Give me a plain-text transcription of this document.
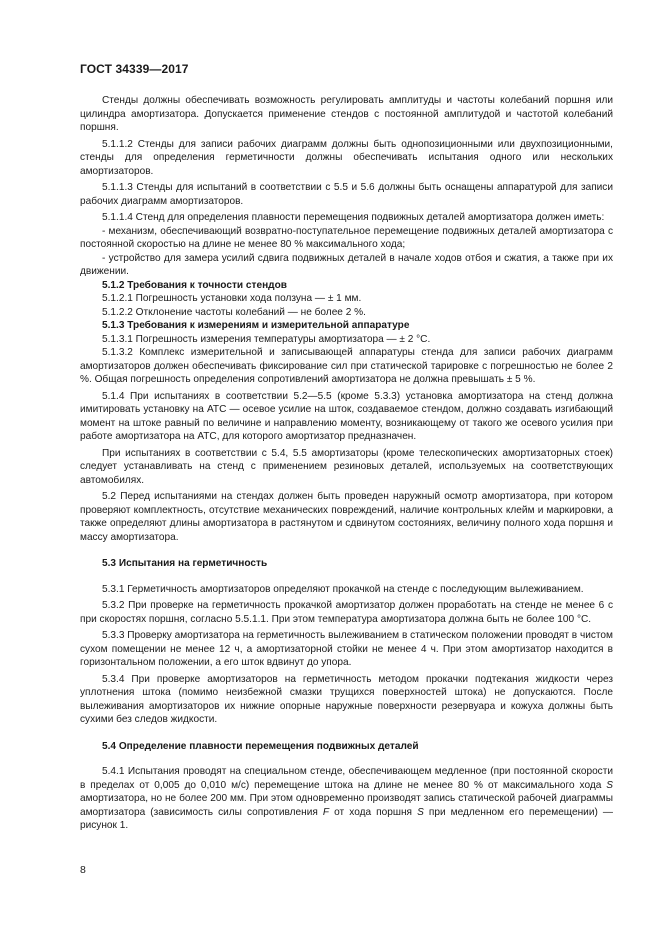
ГОСТ 34339—2017

Стенды должны обеспечивать возможность регулировать амплитуды и частоты колебаний поршня или цилиндра амортизатора. Допускается применение стендов с постоянной амплитудой и частотой колебаний поршня.

5.1.1.2 Стенды для записи рабочих диаграмм должны быть однопозиционными или двухпозиционными, стенды для определения герметичности должны обеспечивать испытания одного или нескольких амортизаторов.

5.1.1.3 Стенды для испытаний в соответствии с 5.5 и 5.6 должны быть оснащены аппаратурой для записи рабочих диаграмм амортизаторов.

5.1.1.4 Стенд для определения плавности перемещения подвижных деталей амортизатора должен иметь:

- механизм, обеспечивающий возвратно-поступательное перемещение подвижных деталей амортизатора с постоянной скоростью на длине не менее 80 % максимального хода;

- устройство для замера усилий сдвига подвижных деталей в начале ходов отбоя и сжатия, а также при их движении.

5.1.2 Требования к точности стендов

5.1.2.1 Погрешность установки хода ползуна — ± 1 мм.

5.1.2.2 Отклонение частоты колебаний — не более 2 %.

5.1.3 Требования к измерениям и измерительной аппаратуре

5.1.3.1 Погрешность измерения температуры амортизатора — ± 2 °C.

5.1.3.2 Комплекс измерительной и записывающей аппаратуры стенда для записи рабочих диаграмм амортизаторов должен обеспечивать фиксирование сил при статической тарировке с погрешностью не более 2 %. Общая погрешность определения сопротивлений амортизатора не должна превышать ± 5 %.

5.1.4 При испытаниях в соответствии 5.2—5.5 (кроме 5.3.3) установка амортизатора на стенд должна имитировать установку на АТС — осевое усилие на шток, создаваемое стендом, должно создавать изгибающий момент на штоке равный по величине и направлению моменту, возникающему от такого же осевого усилия при работе амортизатора на АТС, для которого амортизатор предназначен.

При испытаниях в соответствии с 5.4, 5.5 амортизаторы (кроме телескопических амортизаторных стоек) следует устанавливать на стенд с применением резиновых деталей, используемых на соответствующих автомобилях.

5.2 Перед испытаниями на стендах должен быть проведен наружный осмотр амортизатора, при котором проверяют комплектность, отсутствие механических повреждений, наличие контрольных клейм и маркировки, а также определяют длины амортизатора в растянутом и сдвинутом состояниях, величину полного хода поршня и массу амортизатора.

5.3 Испытания на герметичность

5.3.1 Герметичность амортизаторов определяют прокачкой на стенде с последующим вылеживанием.

5.3.2 При проверке на герметичность прокачкой амортизатор должен проработать на стенде не менее 6 с при скоростях поршня, согласно 5.5.1.1. При этом температура амортизатора должна быть не более 100 °C.

5.3.3 Проверку амортизатора на герметичность вылеживанием в статическом положении проводят в чистом сухом помещении не менее 12 ч, а амортизаторной стойки не менее 4 ч. При этом амортизатор находится в горизонтальном положении, а его шток вдвинут до упора.

5.3.4 При проверке амортизаторов на герметичность методом прокачки подтекания жидкости через уплотнения штока (помимо неизбежной смазки трущихся поверхностей штока) не допускаются. После вылеживания амортизаторов их нижние опорные наружные поверхности резервуара и кожуха должны быть сухими без следов жидкости.

5.4 Определение плавности перемещения подвижных деталей

5.4.1 Испытания проводят на специальном стенде, обеспечивающем медленное (при постоянной скорости в пределах от 0,005 до 0,010 м/с) перемещение штока на длине не менее 80 % от максимального хода S амортизатора, но не более 200 мм. При этом одновременно производят запись статической рабочей диаграммы амортизатора (зависимость силы сопротивления F от хода поршня S при медленном его перемещении) — рисунок 1.

8
